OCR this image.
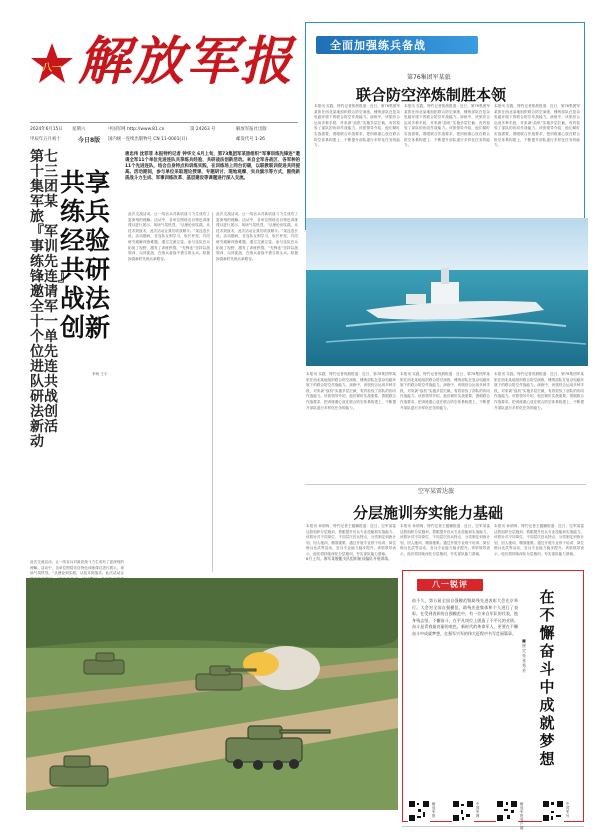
八一 解放军报
2024年6月15日 星期六
甲辰年五月初十	今日8版
中国军网 http://www.81.cn	第 24263 号	解放军报社出版
国内统一连续出版物号 CN 11-0001(日)	邮发代号 1-26
全面加强练兵备战
第76集团军某旅
联合防空淬炼制胜本领
本报讯 实践，特约记者郭晨报道：近日，第76集团军某旅在西北某地组织联合防空演练，锤炼部队在复杂电磁环境下的联合防空作战能力。演练中，该旅综合运用多种手段，对来袭“敌机”实施多层拦截，有效检验了部队的协同作战能力。该旅领导介绍，他们紧盯实战需要，着眼联合作战要求，把训练重心放在联合防空体系构建上，不断提升部队遂行多样化任务的能力。
本报讯 实践，特约记者郭晨报道：近日，第76集团军某旅在西北某地组织联合防空演练，锤炼部队在复杂电磁环境下的联合防空作战能力。演练中，该旅综合运用多种手段，对来袭“敌机”实施多层拦截，有效检验了部队的协同作战能力。该旅领导介绍，他们紧盯实战需要，着眼联合作战要求，把训练重心放在联合防空体系构建上，不断提升部队遂行多样化任务的能力。
本报讯 实践，特约记者郭晨报道：近日，第76集团军某旅在西北某地组织联合防空演练，锤炼部队在复杂电磁环境下的联合防空作战能力。演练中，该旅综合运用多种手段，对来袭“敌机”实施多层拦截，有效检验了部队的协同作战能力。该旅领导介绍，他们紧盯实战需要，着眼联合作战要求，把训练重心放在联合防空体系构建上，不断提升部队遂行多样化任务的能力。
第七十三集团军某旅『军事训练先锋连』邀请全军十一个单位先进连队共研战法创新活动
共享练兵经验 共研战法创新
唐忠伟 沈菲菲 本报特约记者 钟华文 6月上旬，第73集团军某旅组织“军事训练先锋连”邀请全军11个单位先进连队共享练兵经验、共研战法创新活动。来自全军各战区、各军种的11个先进连队，结合自身特点和训练实践，在训练场上同台切磋，以联教联训促进共同提高。活动期间，参与单位采取理论授课、专题研讨、现地观摩、实兵演示等方式，围绕新质战斗力生成、军事训练改革、基层建设等课题进行深入交流。
此次交流活动，让一线官兵对新质战斗力生成有了更深刻的理解。活动中，各单位围绕各自特色训练课目进行展示，现场气氛热烈。“从理论到实践，从技术到战术，此次活动让我们收获颇丰。”某连连长说。活动期间，各连队互相学习，取长补短，共同研究破解训练难题。通过交流互鉴，参与连队官兵拓宽了视野，激发了训练热情。“先锋连”坚持以战领训、以训促战，在练兵备战中勇当排头兵，积极探索新时代练兵新路径。
此次交流活动，让一线官兵对新质战斗力生成有了更深刻的理解。活动中，各单位围绕各自特色训练课目进行展示，现场气氛热烈。“从理论到实践，从技术到战术，此次活动让我们收获颇丰。”某连连长说。活动期间，各连队互相学习，取长补短，共同研究破解训练难题。通过交流互鉴，参与连队官兵拓宽了视野，激发了训练热情。“先锋连”坚持以战领训、以训促战，在练兵备战中勇当排头兵，积极探索新时代练兵新路径。
此次交流活动，让一线官兵对新质战斗力生成有了更深刻的理解。活动中，各单位围绕各自特色训练课目进行展示，现场气氛热烈。“从理论到实践，从技术到战术，此次活动让
李杨 王宇	本报讯 实践，特约记者郭晨报道：近日，第76集团军某旅在西北某地组织联合防空演练，锤炼部队在复杂电磁环境下的联合防空作战能力。演练中，该旅综合运用多种手段，对来袭“敌机”实施多层拦截，有效检验了部队的协同作战能力。该旅领导介绍，他们紧盯实战需要，着眼联合作战要求，把训练重心放在联合防空体系构建上，不断提升部队遂行多样化任务的能力。
本报讯 实践，特约记者郭晨报道：近日，第76集团军某旅在西北某地组织联合防空演练，锤炼部队在复杂电磁环境下的联合防空作战能力。演练中，该旅综合运用多种手段，对来袭“敌机”实施多层拦截，有效检验了部队的协同作战能力。该旅领导介绍，他们紧盯实战需要，着眼联合作战要求，把训练重心放在联合防空体系构建上，不断提升部队遂行多样化任务的能力。
本报讯 实践，特约记者郭晨报道：近日，第76集团军某旅在西北某地组织联合防空演练，锤炼部队在复杂电磁环境下的联合防空作战能力。演练中，该旅综合运用多种手段，对来袭“敌机”实施多层拦截，有效检验了部队的协同作战能力。该旅领导介绍，他们紧盯实战需要，着眼联合作战要求，把训练重心放在联合防空体系构建上，不断提升部队遂行多样化任务的能力。
空军某雷达旅
分层施训夯实能力基础
本报讯 孙炳珣、特约记者王健鹏报道：近日，空军某雷达旅组织分层施训，着眼提升官兵专业技能和实战能力。该旅针对不同岗位、不同层次官兵特点，分类制定训练计划，因人施训、精准施策。通过开展专业骨干培训、岗位练兵比武等活动，官兵专业能力稳步提升。该旅领导表示，他们将持续深化分层施训，夯实部队能力基础。
本报讯 孙炳珣、特约记者王健鹏报道：近日，空军某雷达旅组织分层施训，着眼提升官兵专业技能和实战能力。该旅针对不同岗位、不同层次官兵特点，分类制定训练计划，因人施训、精准施策。通过开展专业骨干培训、岗位练兵比武等活动，官兵专业能力稳步提升。该旅领导表示，他们将持续深化分层施训，夯实部队能力基础。
本报讯 孙炳珣、特约记者王健鹏报道：近日，空军某雷达旅组织分层施训，着眼提升官兵专业技能和实战能力。该旅针对不同岗位、不同层次官兵特点，分类制定训练计划，因人施训、精准施策。通过开展专业骨干培训、岗位练兵比武等活动，官兵专业能力稳步提升。该旅领导表示，他们将持续深化分层施训，夯实部队能力基础。
6月上旬，海军某舰艇支队组织航母编队开展训练。
八一锐评
在不懈奋斗中成就梦想
■崔定亮 张秀芳
前不久，第五届全国自强模范暨助残先进表彰大会在京举行。大会对全国自强模范、助残先进集体和个人进行了表彰。在受到表彰的自强模范中，有一位来自军队的代表，他身残志坚，不懈奋斗，在平凡岗位上创造了不平凡的业绩。奋斗是青春最亮丽的底色。新时代的革命军人，更要在不懈奋斗中成就梦想，在强军兴军的伟大征程中书写壮丽篇章。
解放军报
中国军网
解放军报客户端
中国军号
